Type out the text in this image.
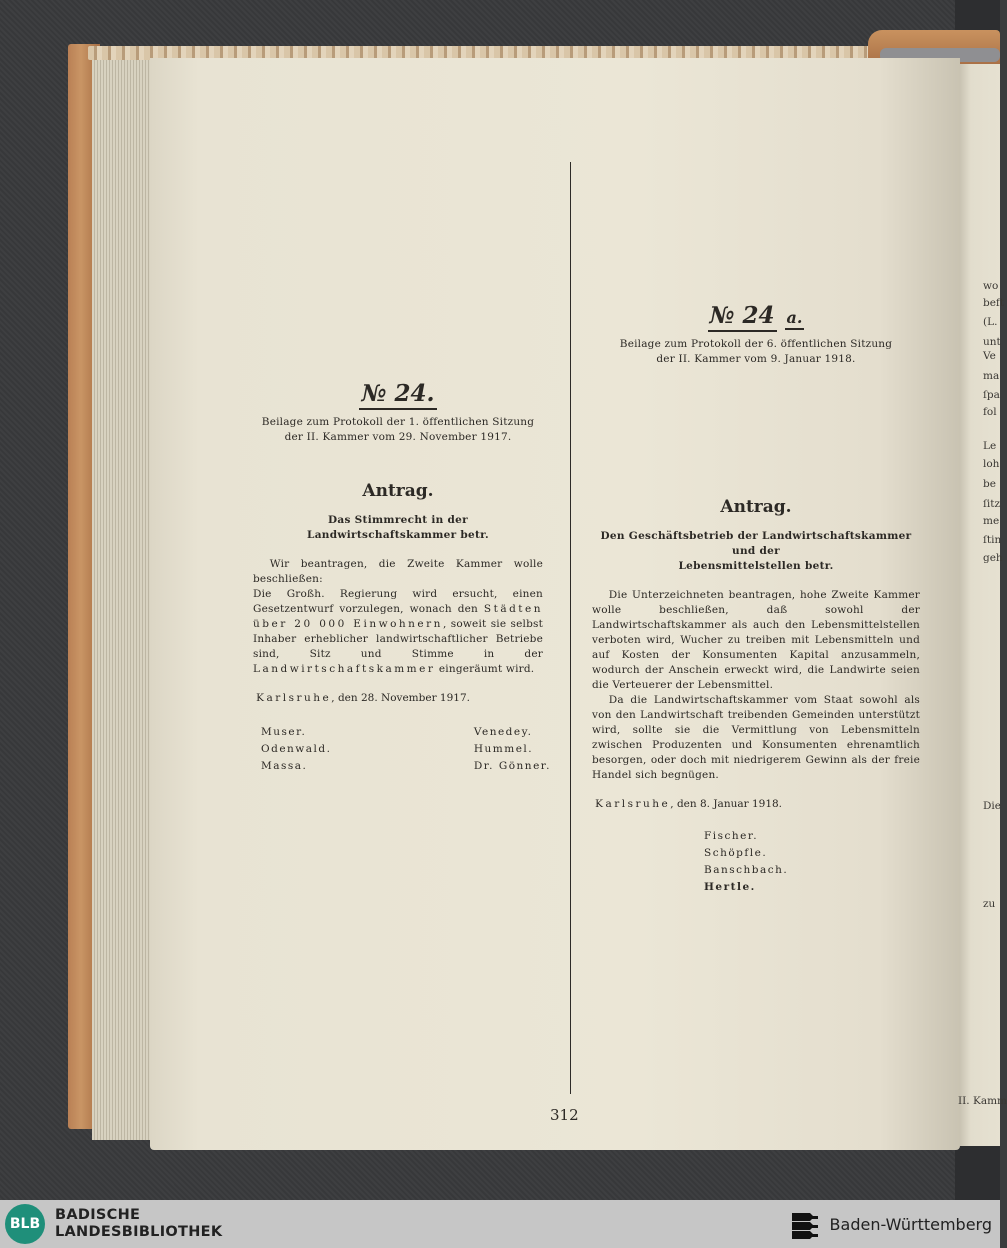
wo
beft
(L.
unt
Ve
ma
ſpa
fol
Le
loh
be
ſitz
me
ſtin
geh
Die
zu
II. Kamm
№ 24.
Beilage zum Protokoll der 1. öffentlichen Sitzung
der II. Kammer vom 29. November 1917.
Antrag.
Das Stimmrecht in der Landwirtschaftskammer betr.
Wir beantragen, die Zweite Kammer wolle beschließen:
Die Großh. Regierung wird ersucht, einen Gesetzentwurf vorzulegen, wonach den Städten über 20 000 Einwohnern, soweit sie selbst Inhaber erheblicher landwirtschaftlicher Betriebe sind, Sitz und Stimme in der Landwirtschaftskammer eingeräumt wird.
Karlsruhe, den 28. November 1917.
Muser.
Odenwald.
Massa.
Venedey.
Hummel.
Dr. Gönner.
№ 24 a.
Beilage zum Protokoll der 6. öffentlichen Sitzung
der II. Kammer vom 9. Januar 1918.
Antrag.
Den Geschäftsbetrieb der Landwirtschaftskammer und der
Lebensmittelstellen betr.
Die Unterzeichneten beantragen, hohe Zweite Kammer wolle beschließen, daß sowohl der Landwirtschaftskammer als auch den Lebensmittelstellen verboten wird, Wucher zu treiben mit Lebensmitteln und auf Kosten der Konsumenten Kapital anzusammeln, wodurch der Anschein erweckt wird, die Landwirte seien die Verteuerer der Lebensmittel.
Da die Landwirtschaftskammer vom Staat sowohl als von den Landwirtschaft treibenden Gemeinden unterstützt wird, sollte sie die Vermittlung von Lebensmitteln zwischen Produzenten und Konsumenten ehrenamtlich besorgen, oder doch mit niedrigerem Gewinn als der freie Handel sich begnügen.
Karlsruhe, den 8. Januar 1918.
Fischer.
Schöpfle.
Banschbach.
Hertle.
312
BLB
BADISCHE
LANDESBIBLIOTHEK	Baden-Württemberg
